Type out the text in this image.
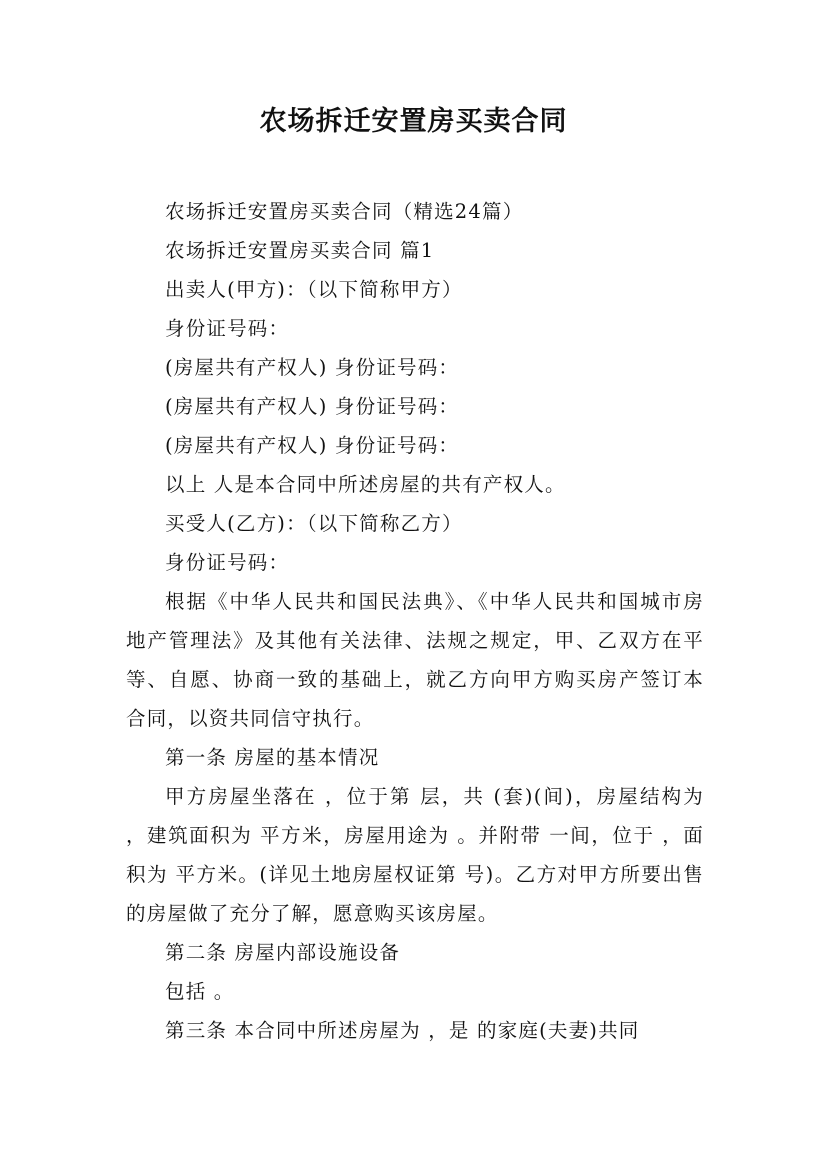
农场拆迁安置房买卖合同

农场拆迁安置房买卖合同（精选24篇）

农场拆迁安置房买卖合同 篇1

出卖人(甲方)：（以下简称甲方）

身份证号码：

(房屋共有产权人) 身份证号码：

(房屋共有产权人) 身份证号码：

(房屋共有产权人) 身份证号码：

以上 人是本合同中所述房屋的共有产权人。

买受人(乙方)：（以下简称乙方）

身份证号码：

根据《中华人民共和国民法典》、《中华人民共和国城市房地产管理法》及其他有关法律、法规之规定，甲、乙双方在平等、自愿、协商一致的基础上，就乙方向甲方购买房产签订本合同，以资共同信守执行。

第一条 房屋的基本情况

甲方房屋坐落在 ，位于第 层，共 (套)(间)，房屋结构为 ，建筑面积为 平方米，房屋用途为 。并附带 一间，位于 ，面积为 平方米。(详见土地房屋权证第 号)。乙方对甲方所要出售的房屋做了充分了解，愿意购买该房屋。

第二条 房屋内部设施设备

包括 。

第三条 本合同中所述房屋为 ，是 的家庭(夫妻)共同
